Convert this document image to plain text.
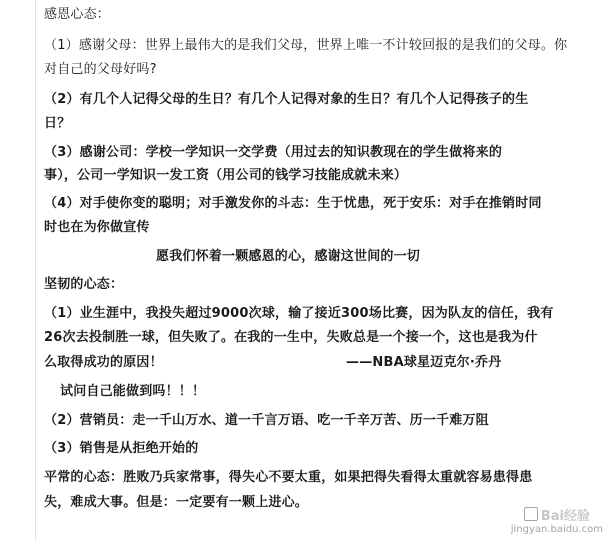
感恩心态：
（1）感谢父母：世界上最伟大的是我们父母，世界上唯一不计较回报的是我们的父母。你
对自己的父母好吗?
（2）有几个人记得父母的生日？有几个人记得对象的生日？有几个人记得孩子的生
日？
（3）感谢公司：学校一学知识一交学费（用过去的知识教现在的学生做将来的
事），公司一学知识一发工资（用公司的钱学习技能成就未来）
（4）对手使你变的聪明；对手激发你的斗志：生于忧患，死于安乐：对手在推销时同
时也在为你做宣传
愿我们怀着一颗感恩的心，感谢这世间的一切
坚韧的心态：
（1）业生涯中，我投失超过9000次球，输了接近300场比赛，因为队友的信任，我有
26次去投制胜一球，但失败了。在我的一生中，失败总是一个接一个，这也是我为什
么取得成功的原因！	——NBA球星迈克尔·乔丹
试问自己能做到吗！！！
（2）营销员：走一千山万水、道一千言万语、吃一千辛万苦、历一千难万阻
（3）销售是从拒绝开始的
平常的心态：胜败乃兵家常事，得失心不要太重，如果把得失看得太重就容易患得患
失，难成大事。但是：一定要有一颗上进心。
Bai经验
jingyan.baidu.com
